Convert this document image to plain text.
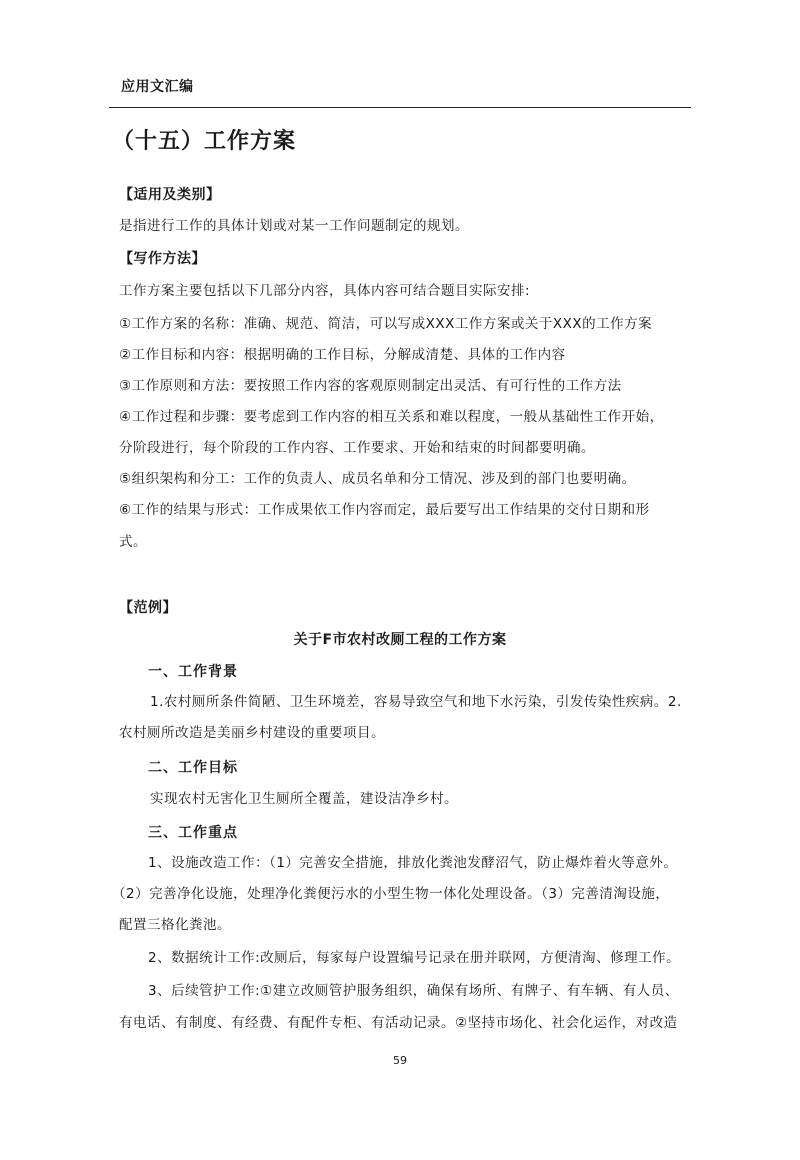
应用文汇编
（十五）工作方案
【适用及类别】
是指进行工作的具体计划或对某一工作问题制定的规划。
【写作方法】
工作方案主要包括以下几部分内容，具体内容可结合题目实际安排:
①工作方案的名称：准确、规范、简洁，可以写成XXX工作方案或关于XXX的工作方案
②工作目标和内容：根据明确的工作目标，分解成清楚、具体的工作内容
③工作原则和方法：要按照工作内容的客观原则制定出灵活、有可行性的工作方法
④工作过程和步骤：要考虑到工作内容的相互关系和难以程度，一般从基础性工作开始，
分阶段进行，每个阶段的工作内容、工作要求、开始和结束的时间都要明确。
⑤组织架构和分工：工作的负责人、成员名单和分工情况、涉及到的部门也要明确。
⑥工作的结果与形式：工作成果依工作内容而定，最后要写出工作结果的交付日期和形
式。
【范例】
关于F市农村改厕工程的工作方案
一、工作背景
1.农村厕所条件简陋、卫生环境差，容易导致空气和地下水污染，引发传染性疾病。2.
农村厕所改造是美丽乡村建设的重要项目。
二、工作目标
实现农村无害化卫生厕所全覆盖，建设洁净乡村。
三、工作重点
1、设施改造工作：（1）完善安全措施，排放化粪池发酵沼气，防止爆炸着火等意外。
（2）完善净化设施，处理净化粪便污水的小型生物一体化处理设备。（3）完善清淘设施，
配置三格化粪池。
2、数据统计工作:改厕后，每家每户设置编号记录在册并联网，方便清淘、修理工作。
3、后续管护工作:①建立改厕管护服务组织，确保有场所、有牌子、有车辆、有人员、
有电话、有制度、有经费、有配件专柜、有活动记录。②坚持市场化、社会化运作，对改造
59
